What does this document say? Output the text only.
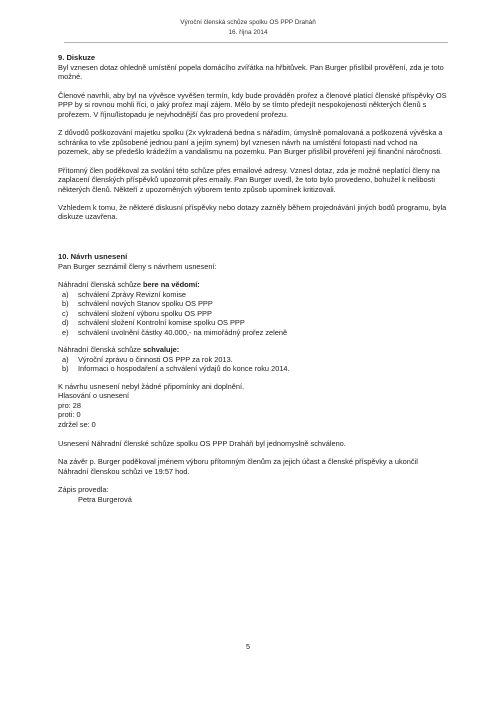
Výroční členská schůze spolku OS PPP Draháň
16. října 2014
9. Diskuze

Byl vznesen dotaz ohledně umístění popela domácího zvířátka na hřbitůvek. Pan Burger přislíbil prověření, zda je toto možné.

Členové navrhli, aby byl na vývěsce vyvěšen termín, kdy bude prováděn prořez a členové platící členské příspěvky OS PPP by si rovnou mohli říci, o jaký prořez mají zájem. Mělo by se tímto předejít nespokojenosti některých členů s prořezem. V říjnu/listopadu je nejvhodnější čas pro provedení prořezu.

Z důvodů poškozování majetku spolku (2x vykradená bedna s nářadím, úmyslně pomalovaná a poškozená vývěska a schránka to vše způsobené jednou paní a jejím synem) byl vznesen návrh na umístění fotopasti nad vchod na pozemek, aby se předešlo krádežím a vandalismu na pozemku. Pan Burger přislíbil provéření její finanční náročnosti.

Přítomný člen poděkoval za svolání této schůze přes emailové adresy. Vznesl dotaz, zda je možné neplatící členy na zaplacení členských příspěvků upozornit přes emaily. Pan Burger uvedl, že toto bylo provedeno, bohužel k nelibosti některých členů. Někteří z upozorněných výborem tento způsob upomínek kritizovali.

Vzhledem k tomu, že některé diskusní příspěvky nebo dotazy zazněly během projednávání jiných bodů programu, byla diskuze uzavřena.

10. Návrh usnesení

Pan Burger seznámil členy s návrhem usnesení:

Náhradní členská schůze bere na vědomí:
a) schválení Zprávy Revizní komise
b) schválení nových Stanov spolku OS PPP
c) schválení složení výboru spolku OS PPP
d) schválení složení Kontrolní komise spolku OS PPP
e) schválení uvolnění částky 40.000,- na mimořádný prořez zeleně
Náhradní členská schůze schvaluje:
a) Výroční zprávu o činnosti OS PPP za rok 2013.
b) Informaci o hospodaření a schválení výdajů do konce roku 2014.
K návrhu usnesení nebyl žádné připomínky ani doplnění.
Hlasování o usnesení
pro: 28
proti: 0
zdržel se: 0

Usnesení Náhradní členské schůze spolku OS PPP Draháň byl jednomyslně schváleno.

Na závěr p. Burger poděkoval jménem výboru přítomným členům za jejich účast a členské příspěvky a ukončil Náhradní členskou schůzi ve 19:57 hod.

Zápis provedla:
Petra Burgerová
5
